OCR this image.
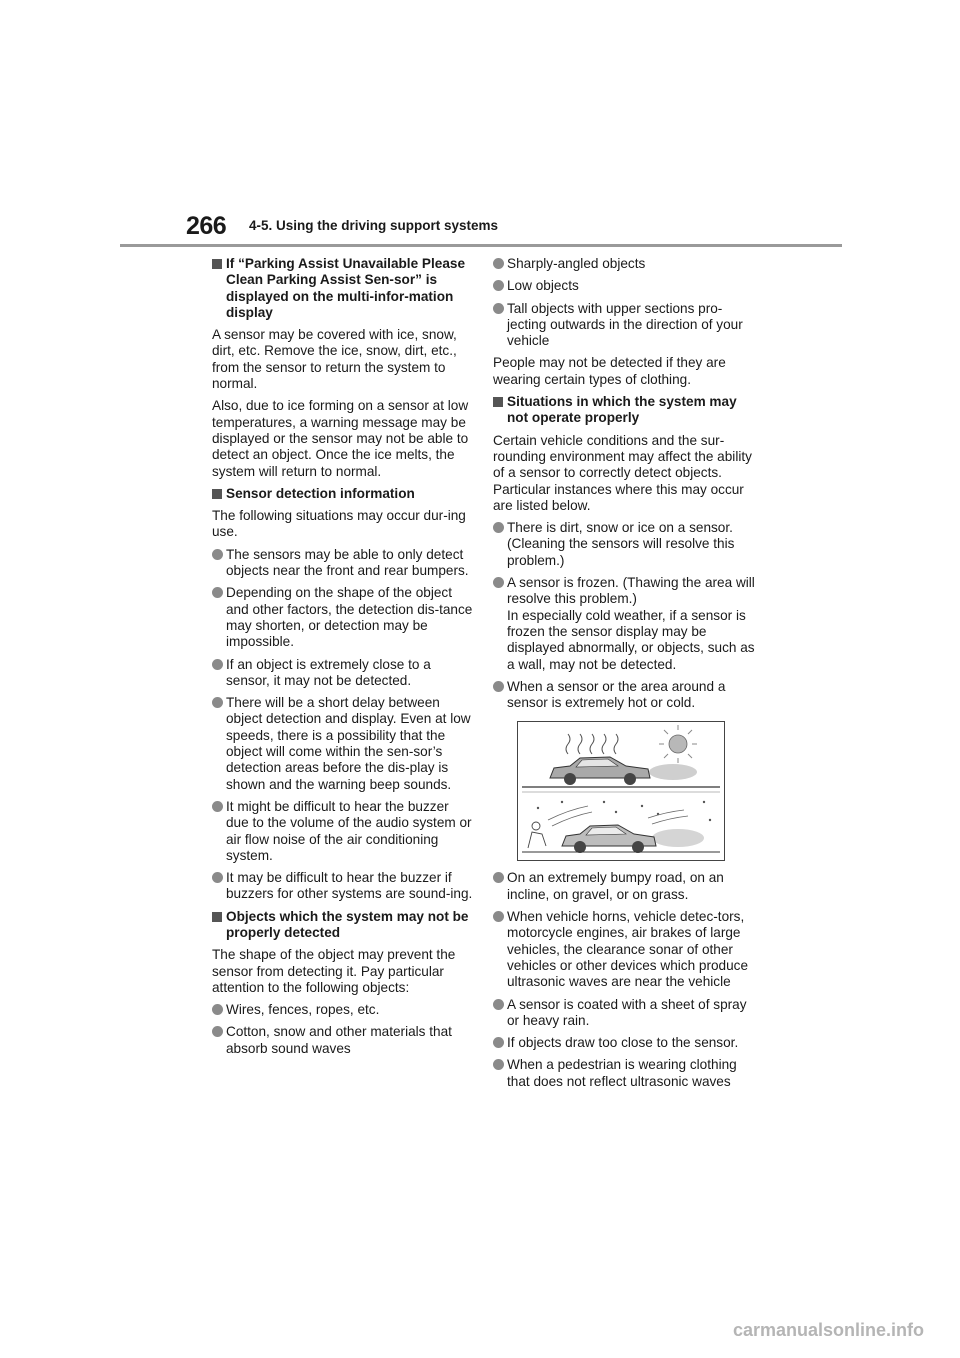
266 4-5. Using the driving support systems
If “Parking Assist Unavailable Please Clean Parking Assist Sen-sor” is displayed on the multi-infor-mation display
A sensor may be covered with ice, snow, dirt, etc. Remove the ice, snow, dirt, etc., from the sensor to return the system to normal.
Also, due to ice forming on a sensor at low temperatures, a warning message may be displayed or the sensor may not be able to detect an object. Once the ice melts, the system will return to normal.
Sensor detection information
The following situations may occur dur-ing use.
The sensors may be able to only detect objects near the front and rear bumpers.
Depending on the shape of the object and other factors, the detection dis-tance may shorten, or detection may be impossible.
If an object is extremely close to a sensor, it may not be detected.
There will be a short delay between object detection and display. Even at low speeds, there is a possibility that the object will come within the sen-sor’s detection areas before the dis-play is shown and the warning beep sounds.
It might be difficult to hear the buzzer due to the volume of the audio system or air flow noise of the air conditioning system.
It may be difficult to hear the buzzer if buzzers for other systems are sound-ing.
Objects which the system may not be properly detected
The shape of the object may prevent the sensor from detecting it. Pay particular attention to the following objects:
Wires, fences, ropes, etc.
Cotton, snow and other materials that absorb sound waves
Sharply-angled objects
Low objects
Tall objects with upper sections pro-jecting outwards in the direction of your vehicle
People may not be detected if they are wearing certain types of clothing.
Situations in which the system may not operate properly
Certain vehicle conditions and the sur-rounding environment may affect the ability of a sensor to correctly detect objects. Particular instances where this may occur are listed below.
There is dirt, snow or ice on a sensor. (Cleaning the sensors will resolve this problem.)
A sensor is frozen. (Thawing the area will resolve this problem.)
In especially cold weather, if a sensor is frozen the sensor display may be displayed abnormally, or objects, such as a wall, may not be detected.
When a sensor or the area around a sensor is extremely hot or cold.
On an extremely bumpy road, on an incline, on gravel, or on grass.
When vehicle horns, vehicle detec-tors, motorcycle engines, air brakes of large vehicles, the clearance sonar of other vehicles or other devices which produce ultrasonic waves are near the vehicle
A sensor is coated with a sheet of spray or heavy rain.
If objects draw too close to the sensor.
When a pedestrian is wearing clothing that does not reflect ultrasonic waves
carmanualsonline.info
